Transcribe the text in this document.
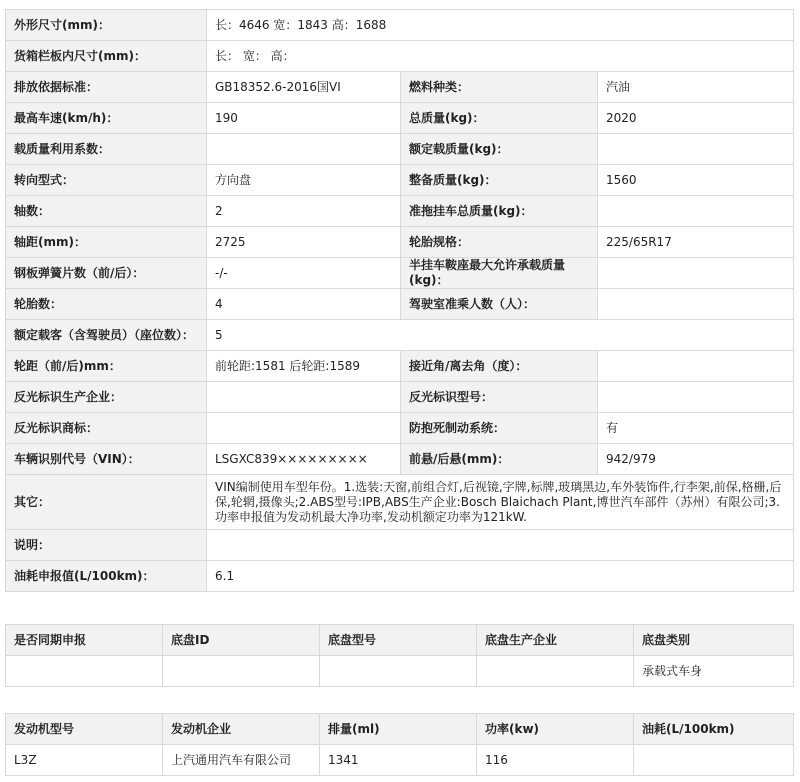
外形尺寸(mm)：	长：4646 宽：1843 高：1688		
货箱栏板内尺寸(mm)：	长： 宽： 高：		
排放依据标准：	GB18352.6-2016国VI	燃料种类：	汽油
最高车速(km/h)：	190	总质量(kg)：	2020
载质量利用系数：		额定载质量(kg)：	
转向型式：	方向盘	整备质量(kg)：	1560
轴数：	2	准拖挂车总质量(kg)：	
轴距(mm)：	2725	轮胎规格：	225/65R17
钢板弹簧片数（前/后）：	-/-	半挂车鞍座最大允许承载质量(kg)：	
轮胎数：	4	驾驶室准乘人数（人）：	
额定载客（含驾驶员）（座位数）：	5		
轮距（前/后)mm：	前轮距:1581 后轮距:1589	接近角/离去角（度）：	
反光标识生产企业：		反光标识型号：	
反光标识商标：		防抱死制动系统：	有
车辆识别代号（VIN）：	LSGXC839×××××××××	前悬/后悬(mm)：	942/979
其它：	VIN编制使用车型年份。1.选装:天窗,前组合灯,后视镜,字牌,标牌,玻璃黑边,车外装饰件,行李架,前保,格栅,后保,轮辋,摄像头;2.ABS型号:IPB,ABS生产企业:Bosch Blaichach Plant,博世汽车部件（苏州）有限公司;3.功率申报值为发动机最大净功率,发动机额定功率为121kW.		
说明：			
油耗申报值(L/100km)：	6.1		
是否同期申报	底盘ID	底盘型号	底盘生产企业	底盘类别
				承载式车身
发动机型号	发动机企业	排量(ml)	功率(kw)	油耗(L/100km)
L3Z	上汽通用汽车有限公司	1341	116	
